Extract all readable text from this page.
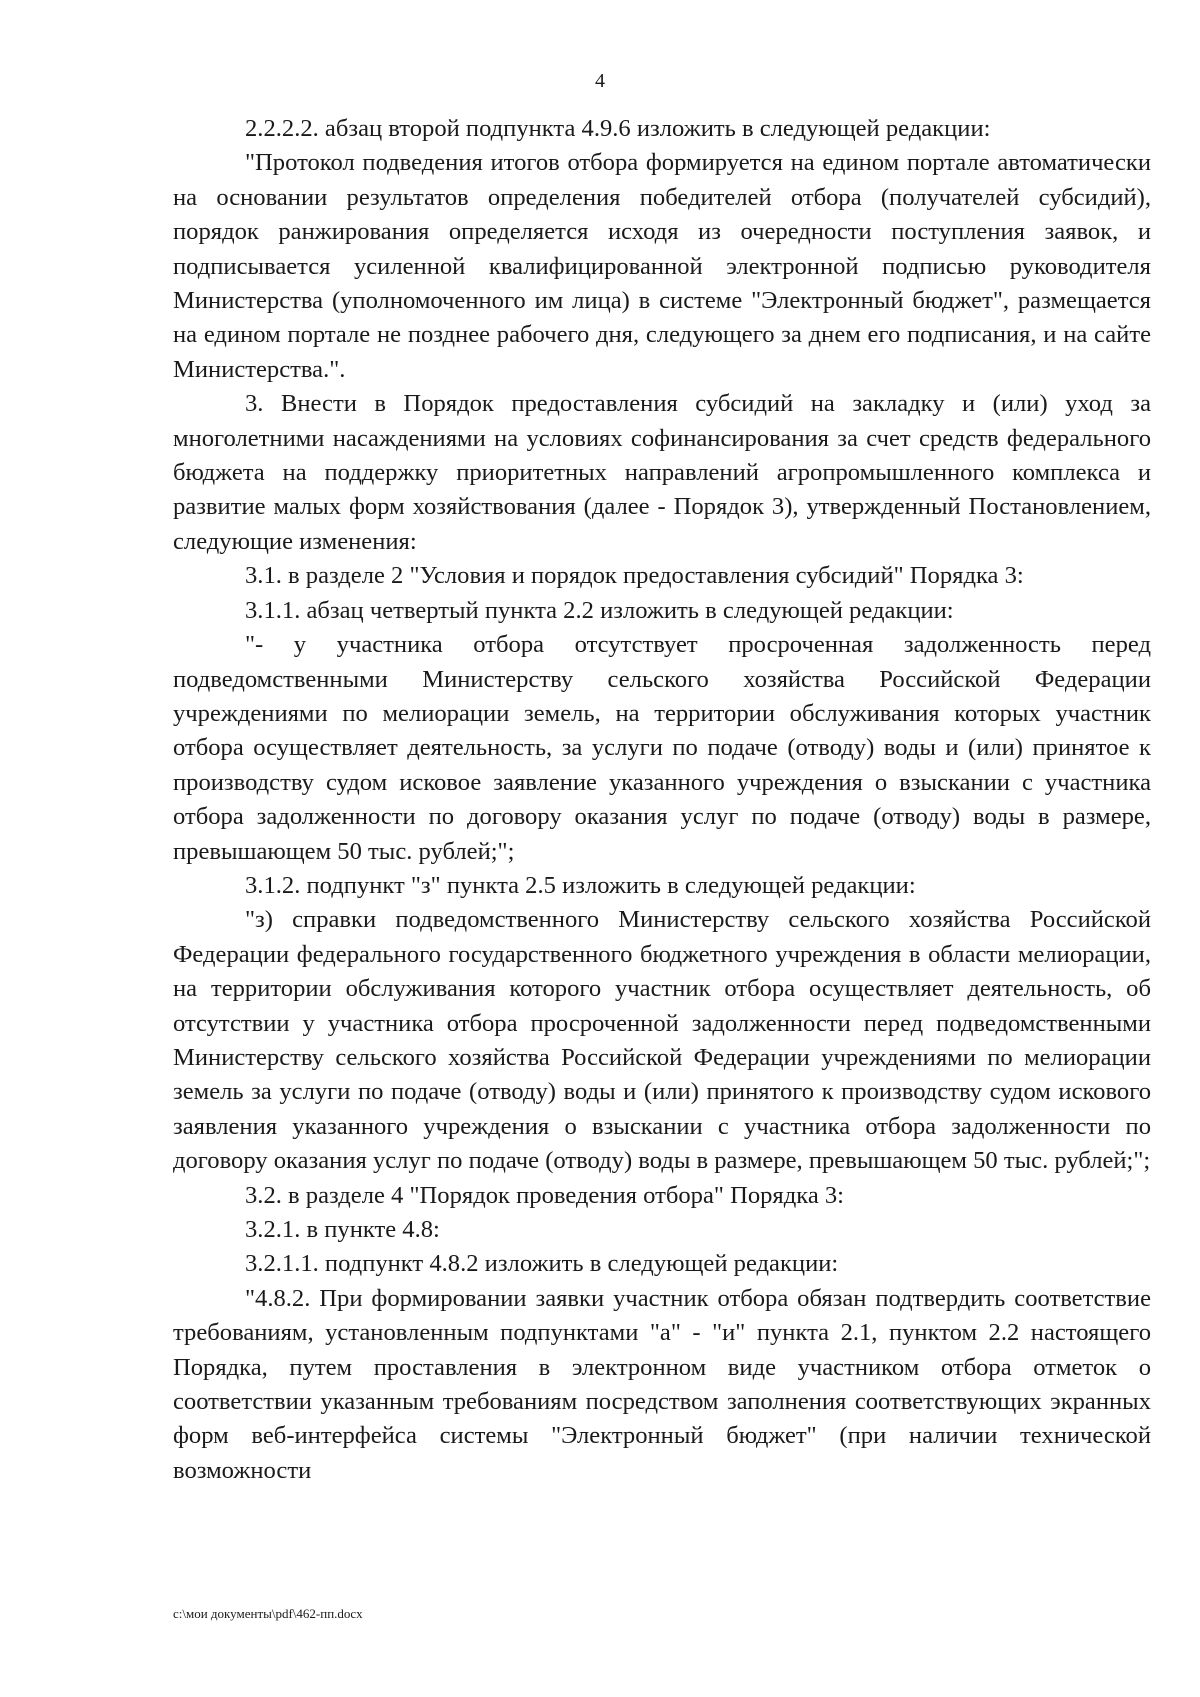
4

2.2.2.2. абзац второй подпункта 4.9.6 изложить в следующей редакции:

"Протокол подведения итогов отбора формируется на едином портале автоматически на основании результатов определения победителей отбора (получателей субсидий), порядок ранжирования определяется исходя из очередности поступления заявок, и подписывается усиленной квалифицированной электронной подписью руководителя Министерства (уполномоченного им лица) в системе "Электронный бюджет", размещается на едином портале не позднее рабочего дня, следующего за днем его подписания, и на сайте Министерства.".

3. Внести в Порядок предоставления субсидий на закладку и (или) уход за многолетними насаждениями на условиях софинансирования за счет средств федерального бюджета на поддержку приоритетных направлений агропромышленного комплекса и развитие малых форм хозяйствования (далее - Порядок 3), утвержденный Постановлением, следующие изменения:

3.1. в разделе 2 "Условия и порядок предоставления субсидий" Порядка 3:

3.1.1. абзац четвертый пункта 2.2 изложить в следующей редакции:

"- у участника отбора отсутствует просроченная задолженность перед подведомственными Министерству сельского хозяйства Российской Федерации учреждениями по мелиорации земель, на территории обслуживания которых участник отбора осуществляет деятельность, за услуги по подаче (отводу) воды и (или) принятое к производству судом исковое заявление указанного учреждения о взыскании с участника отбора задолженности по договору оказания услуг по подаче (отводу) воды в размере, превышающем 50 тыс. рублей;";

3.1.2. подпункт "з" пункта 2.5 изложить в следующей редакции:

"з) справки подведомственного Министерству сельского хозяйства Российской Федерации федерального государственного бюджетного учреждения в области мелиорации, на территории обслуживания которого участник отбора осуществляет деятельность, об отсутствии у участника отбора просроченной задолженности перед подведомственными Министерству сельского хозяйства Российской Федерации учреждениями по мелиорации земель за услуги по подаче (отводу) воды и (или) принятого к производству судом искового заявления указанного учреждения о взыскании с участника отбора задолженности по договору оказания услуг по подаче (отводу) воды в размере, превышающем 50 тыс. рублей;";

3.2. в разделе 4 "Порядок проведения отбора" Порядка 3:

3.2.1. в пункте 4.8:

3.2.1.1. подпункт 4.8.2 изложить в следующей редакции:

"4.8.2. При формировании заявки участник отбора обязан подтвердить соответствие требованиям, установленным подпунктами "а" - "и" пункта 2.1, пунктом 2.2 настоящего Порядка, путем проставления в электронном виде участником отбора отметок о соответствии указанным требованиям посредством заполнения соответствующих экранных форм веб-интерфейса системы "Электронный бюджет" (при наличии технической возможности

c:\мои документы\pdf\462-пп.docx
